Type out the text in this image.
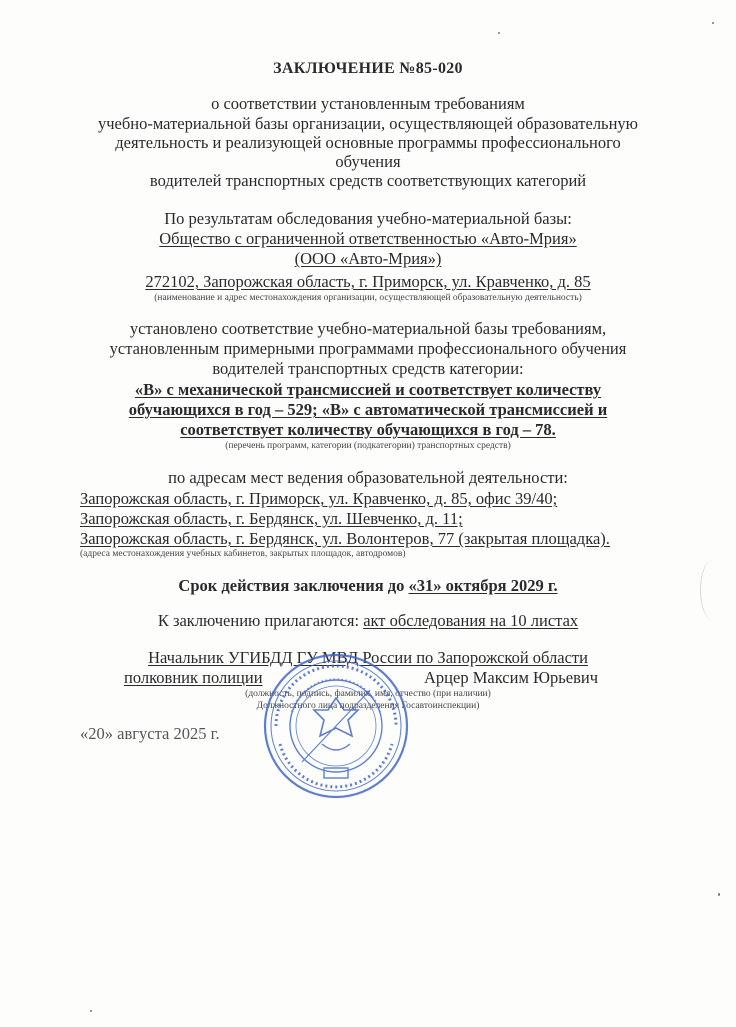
ЗАКЛЮЧЕНИЕ №85-020
о соответствии установленным требованиям
учебно-материальной базы организации, осуществляющей образовательную
деятельность и реализующей основные программы профессионального
обучения
водителей транспортных средств соответствующих категорий
По результатам обследования учебно-материальной базы:
Общество с ограниченной ответственностью «Авто-Мрия»
(ООО «Авто-Мрия»)
272102, Запорожская область, г. Приморск, ул. Кравченко, д. 85
(наименование и адрес местонахождения организации, осуществляющей образовательную деятельность)
установлено соответствие учебно-материальной базы требованиям,
установленным примерными программами профессионального обучения
водителей транспортных средств категории:
«В» с механической трансмиссией и соответствует количеству
обучающихся в год – 529; «В» с автоматической трансмиссией и
соответствует количеству обучающихся в год – 78.
(перечень программ, категории (подкатегории) транспортных средств)
по адресам мест ведения образовательной деятельности:
Запорожская область, г. Приморск, ул. Кравченко, д. 85, офис 39/40;
Запорожская область, г. Бердянск, ул. Шевченко, д. 11;
Запорожская область, г. Бердянск, ул. Волонтеров, 77 (закрытая площадка).
(адреса местонахождения учебных кабинетов, закрытых площадок, автодромов)
Срок действия заключения до «31» октября 2029 г.
К заключению прилагаются: акт обследования на 10 листах
Начальник УГИБДД ГУ МВД России по Запорожской области
полковник полиции	Арцер Максим Юрьевич
(должность, подпись, фамилия, имя, отчество (при наличии)
Должностного лица подразделения Госавтоинспекции)
«20» августа 2025 г.
